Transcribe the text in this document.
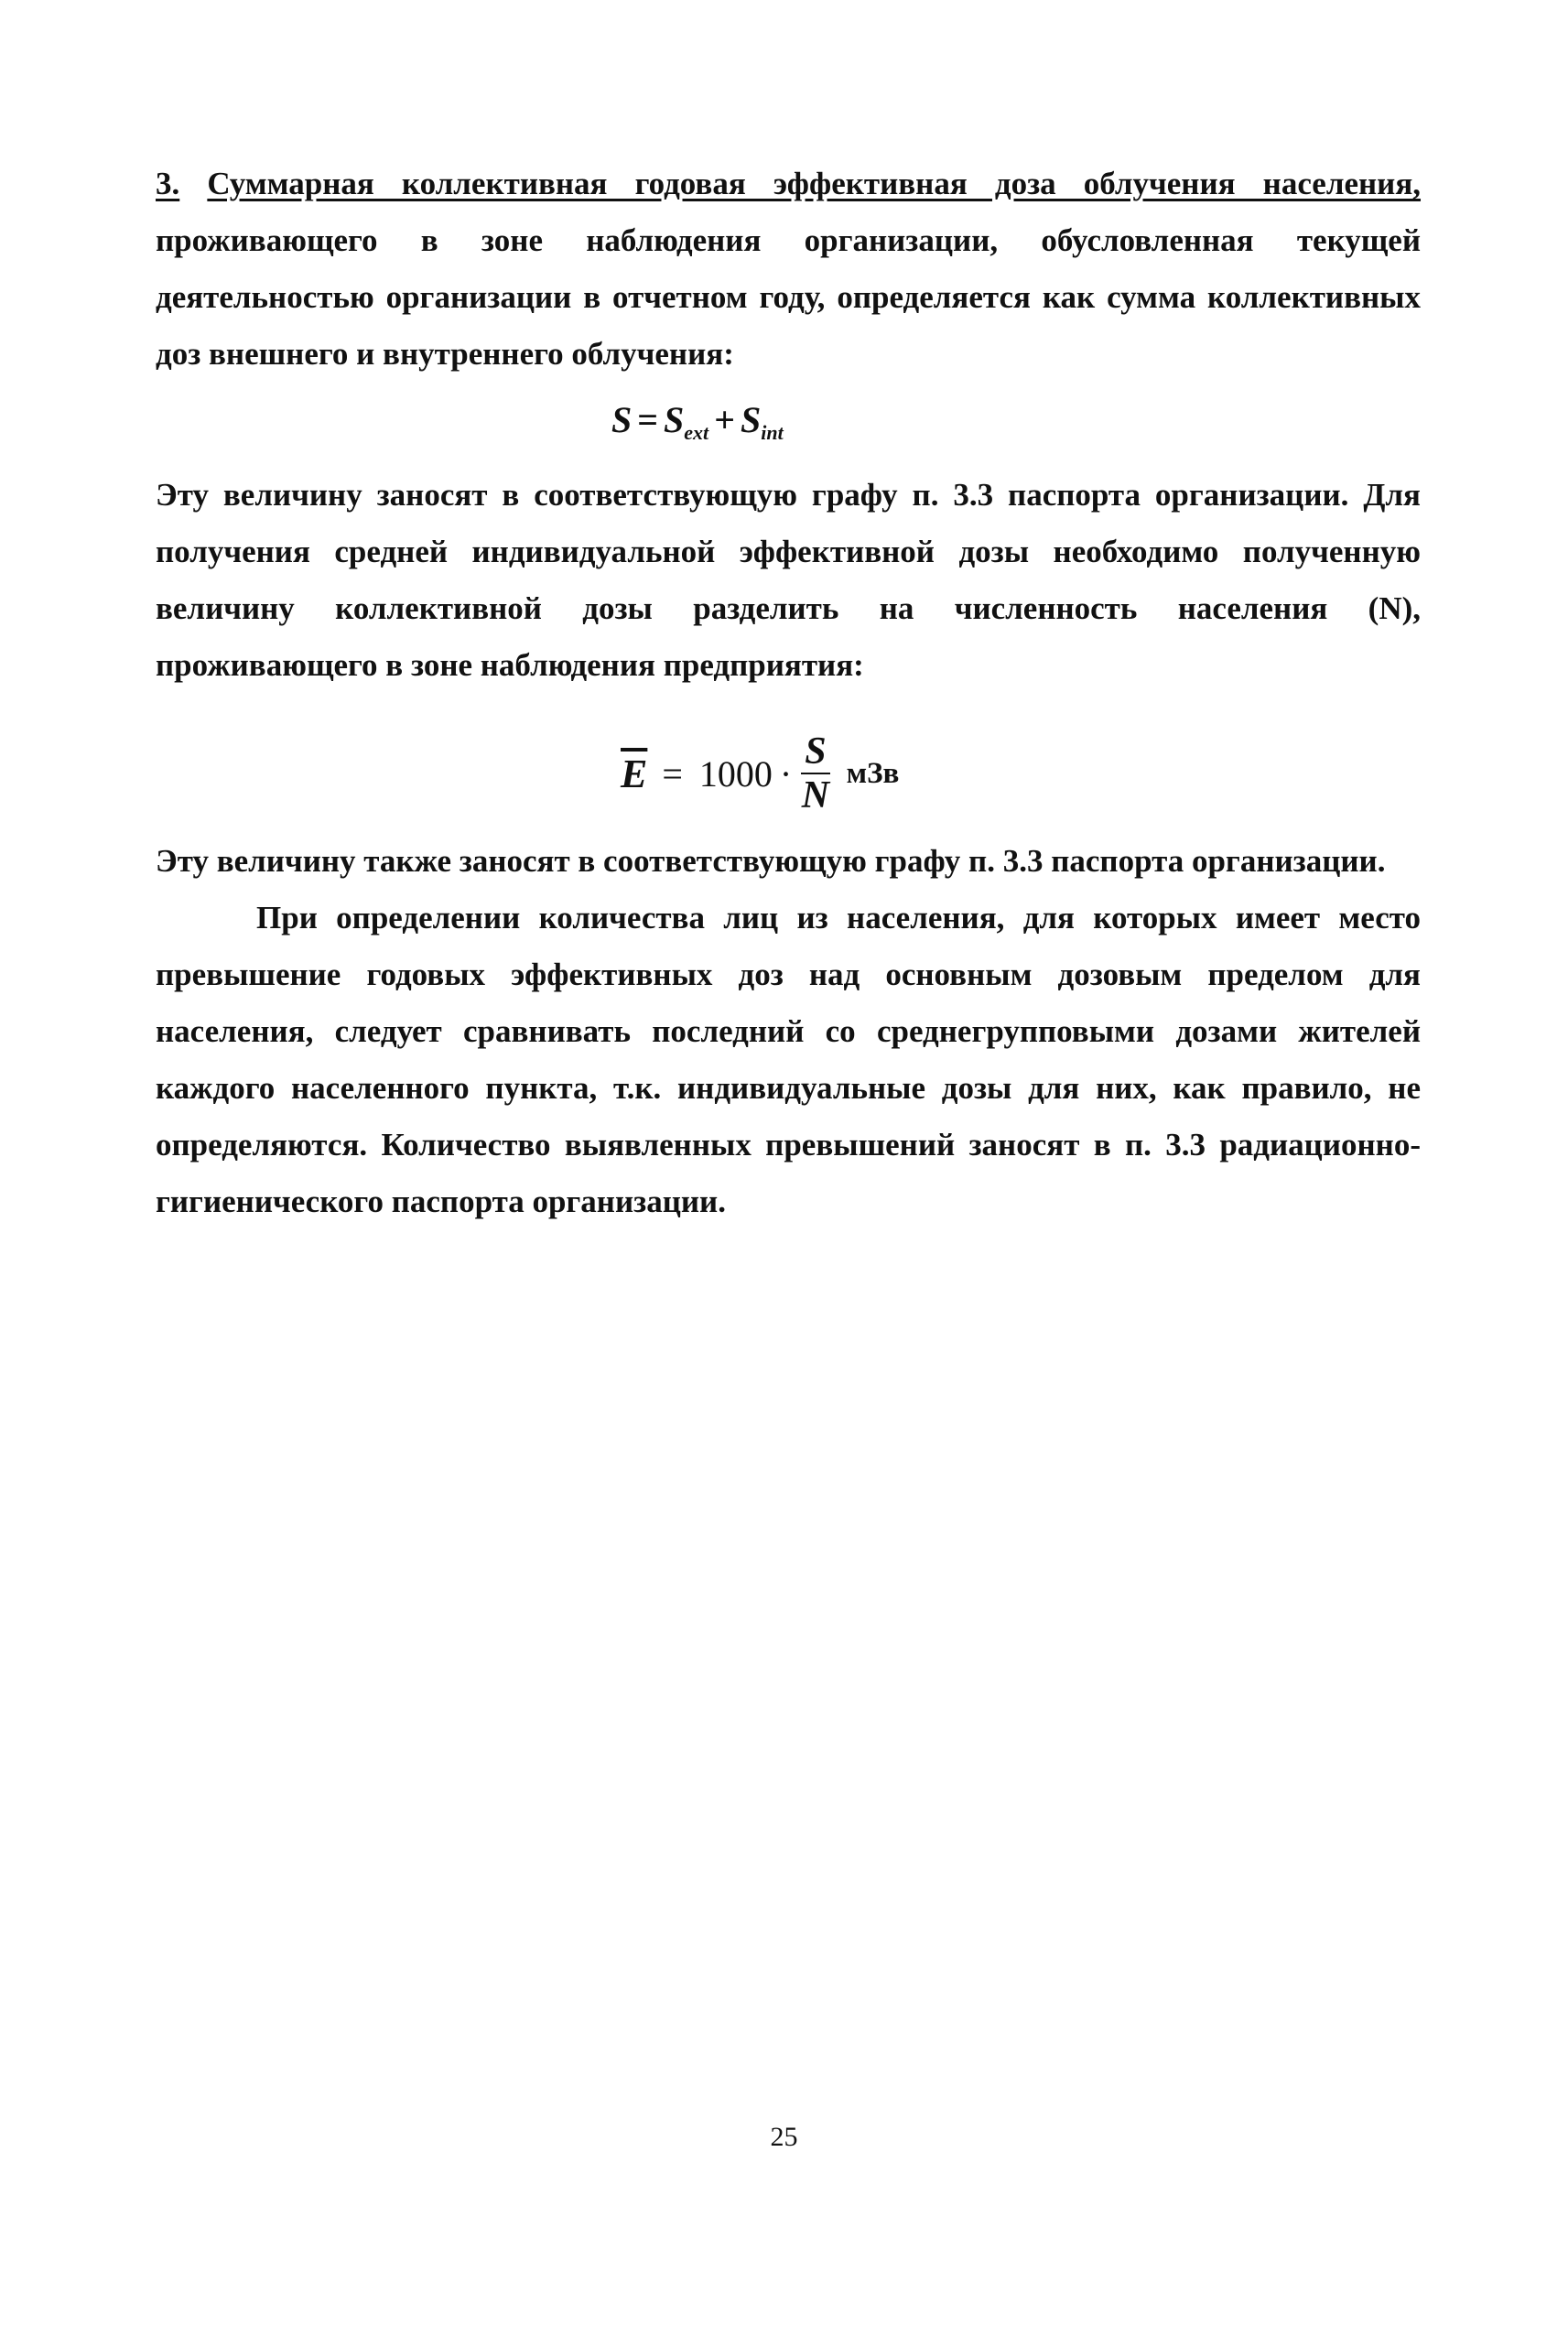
3. Суммарная коллективная годовая эффективная доза облучения населения, проживающего в зоне наблюдения организации, обусловленная текущей деятельностью организации в отчетном году, определяется как сумма коллективных доз внешнего и внутреннего облучения:
$S = S_{ext} + S_{int}$
Эту величину заносят в соответствующую графу п. 3.3 паспорта организации. Для получения средней индивидуальной эффективной дозы необходимо полученную величину коллективной дозы разделить на численность населения (N), проживающего в зоне наблюдения предприятия:
$\overline{E} = 1000 \cdot \frac{S}{N}$ мЗв
Эту величину также заносят в соответствующую графу п. 3.3 паспорта организации.
При определении количества лиц из населения, для которых имеет место превышение годовых эффективных доз над основным дозовым пределом для населения, следует сравнивать последний со среднегрупповыми дозами жителей каждого населенного пункта, т.к. индивидуальные дозы для них, как правило, не определяются. Количество выявленных превышений заносят в п. 3.3 радиационно-гигиенического паспорта организации.
25
